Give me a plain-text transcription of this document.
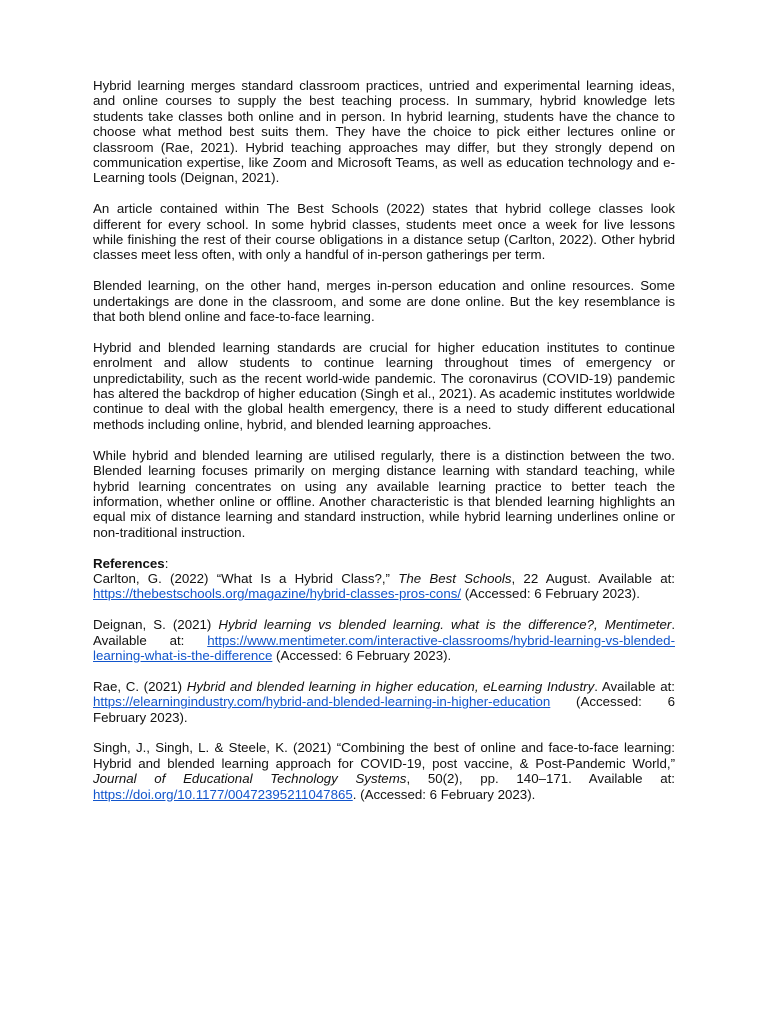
Hybrid learning merges standard classroom practices, untried and experimental learning ideas, and online courses to supply the best teaching process. In summary, hybrid knowledge lets students take classes both online and in person. In hybrid learning, students have the chance to choose what method best suits them. They have the choice to pick either lectures online or classroom (Rae, 2021). Hybrid teaching approaches may differ, but they strongly depend on communication expertise, like Zoom and Microsoft Teams, as well as education technology and e-Learning tools (Deignan, 2021).

An article contained within The Best Schools (2022) states that hybrid college classes look different for every school. In some hybrid classes, students meet once a week for live lessons while finishing the rest of their course obligations in a distance setup (Carlton, 2022). Other hybrid classes meet less often, with only a handful of in-person gatherings per term.

Blended learning, on the other hand, merges in-person education and online resources. Some undertakings are done in the classroom, and some are done online. But the key resemblance is that both blend online and face-to-face learning.

Hybrid and blended learning standards are crucial for higher education institutes to continue enrolment and allow students to continue learning throughout times of emergency or unpredictability, such as the recent world-wide pandemic. The coronavirus (COVID-19) pandemic has altered the backdrop of higher education (Singh et al., 2021). As academic institutes worldwide continue to deal with the global health emergency, there is a need to study different educational methods including online, hybrid, and blended learning approaches.

While hybrid and blended learning are utilised regularly, there is a distinction between the two. Blended learning focuses primarily on merging distance learning with standard teaching, while hybrid learning concentrates on using any available learning practice to better teach the information, whether online or offline. Another characteristic is that blended learning highlights an equal mix of distance learning and standard instruction, while hybrid learning underlines online or non-traditional instruction.

References:

Carlton, G. (2022) “What Is a Hybrid Class?,” The Best Schools, 22 August. Available at: https://thebestschools.org/magazine/hybrid-classes-pros-cons/ (Accessed: 6 February 2023).

Deignan, S. (2021) Hybrid learning vs blended learning. what is the difference?, Mentimeter. Available at: https://www.mentimeter.com/interactive-classrooms/hybrid-learning-vs-blended-learning-what-is-the-difference (Accessed: 6 February 2023).

Rae, C. (2021) Hybrid and blended learning in higher education, eLearning Industry. Available at: https://elearningindustry.com/hybrid-and-blended-learning-in-higher-education (Accessed: 6 February 2023).

Singh, J., Singh, L. & Steele, K. (2021) “Combining the best of online and face-to-face learning: Hybrid and blended learning approach for COVID-19, post vaccine, & Post-Pandemic World,” Journal of Educational Technology Systems, 50(2), pp. 140–171. Available at: https://doi.org/10.1177/00472395211047865. (Accessed: 6 February 2023).
